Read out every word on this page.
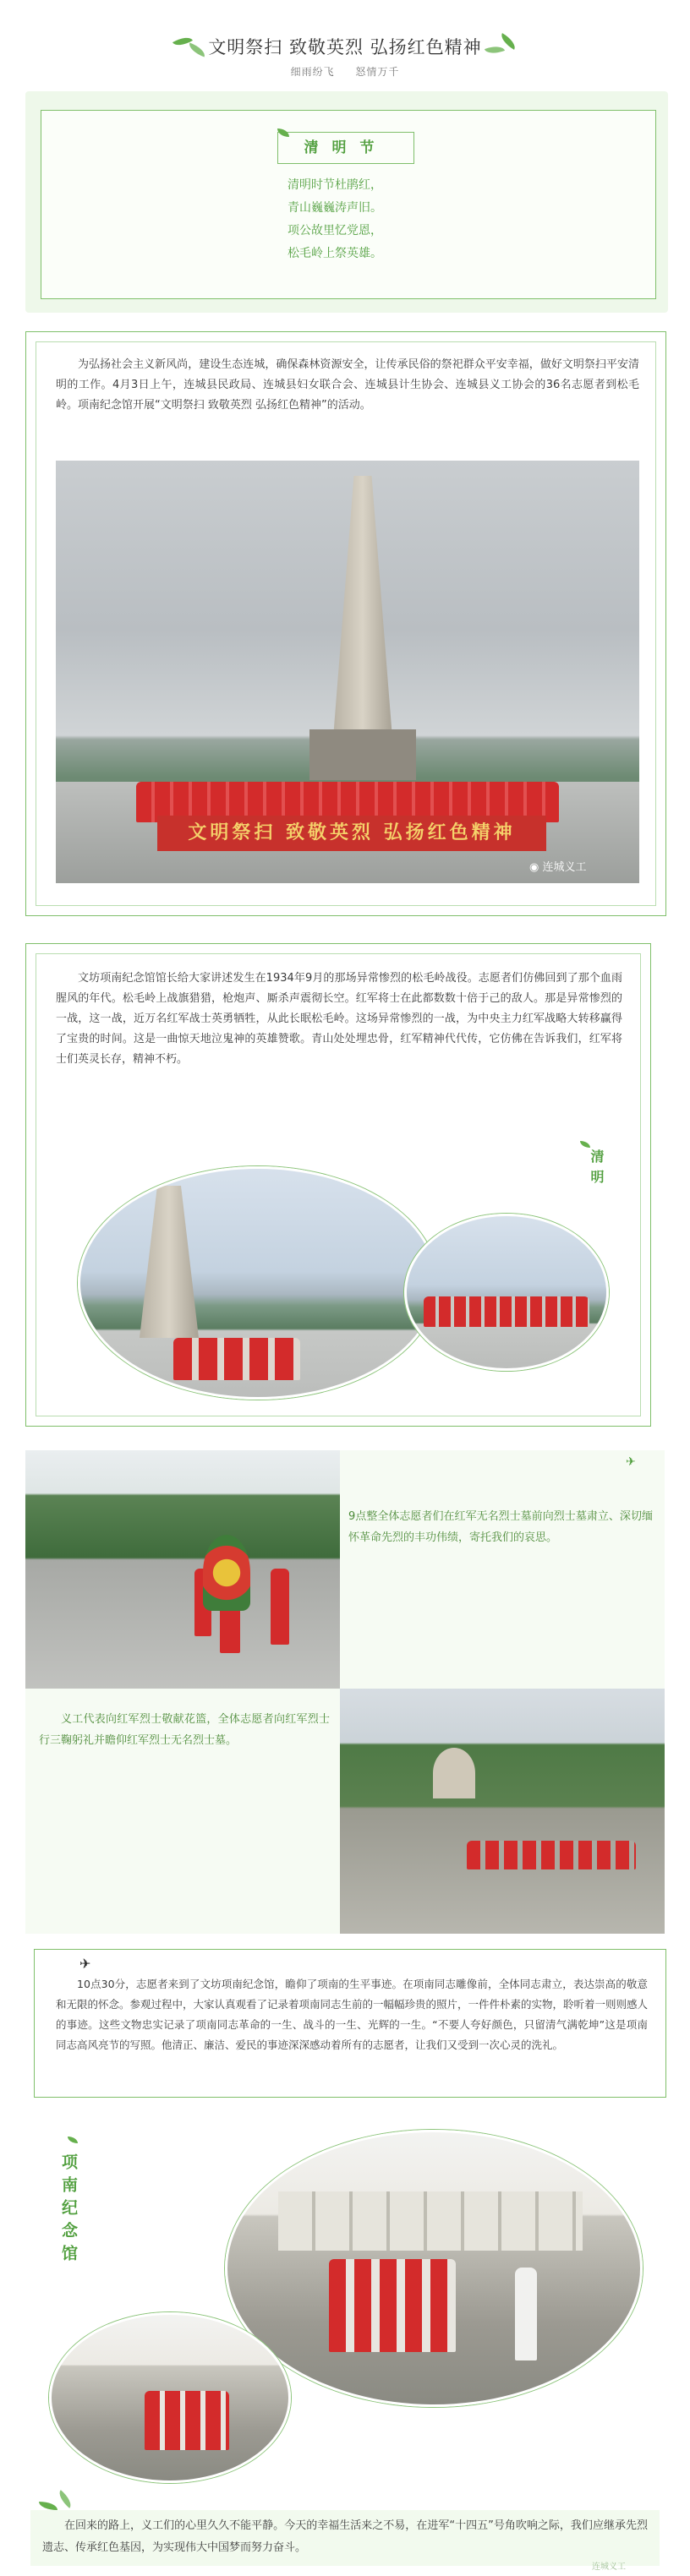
文明祭扫 致敬英烈 弘扬红色精神
细雨纷飞 怒情万千
清明节
清明时节杜鹃红，
青山巍巍涛声旧。
项公故里忆党恩，
松毛岭上祭英雄。
为弘扬社会主义新风尚，建设生态连城，确保森林资源安全，让传承民俗的祭祀群众平安幸福，做好文明祭扫平安清明的工作。4月3日上午，连城县民政局、连城县妇女联合会、连城县计生协会、连城县义工协会的36名志愿者到松毛岭。项南纪念馆开展“文明祭扫 致敬英烈 弘扬红色精神”的活动。
文明祭扫 致敬英烈 弘扬红色精神
◉ 连城义工
文坊项南纪念馆馆长给大家讲述发生在1934年9月的那场异常惨烈的松毛岭战役。志愿者们仿佛回到了那个血雨腥风的年代。松毛岭上战旗猎猎，枪炮声、厮杀声震彻长空。红军将士在此都数数十倍于己的敌人。那是异常惨烈的一战，这一战，近万名红军战士英勇牺牲，从此长眠松毛岭。这场异常惨烈的一战，为中央主力红军战略大转移赢得了宝贵的时间。这是一曲惊天地泣鬼神的英雄赞歌。青山处处埋忠骨，红军精神代代传，它仿佛在告诉我们，红军将士们英灵长存，精神不朽。
清明
✈
9点整全体志愿者们在红军无名烈士墓前向烈士墓肃立、深切缅怀革命先烈的丰功伟绩，寄托我们的哀思。
义工代表向红军烈士敬献花篮，全体志愿者向红军烈士行三鞠躬礼并瞻仰红军烈士无名烈士墓。
✈
10点30分，志愿者来到了文坊项南纪念馆，瞻仰了项南的生平事迹。在项南同志雕像前，全体同志肃立，表达崇高的敬意和无限的怀念。参观过程中，大家认真观看了记录着项南同志生前的一幅幅珍贵的照片，一件件朴素的实物，聆听着一则则感人的事迹。这些文物忠实记录了项南同志革命的一生、战斗的一生、光辉的一生。“不要人夸好颜色，只留清气满乾坤”这是项南同志高风亮节的写照。他清正、廉洁、爱民的事迹深深感动着所有的志愿者，让我们又受到一次心灵的洗礼。
项南纪念馆
在回来的路上，义工们的心里久久不能平静。今天的幸福生活来之不易，在进军“十四五”号角吹响之际，我们应继承先烈遗志、传承红色基因，为实现伟大中国梦而努力奋斗。
连城义工
